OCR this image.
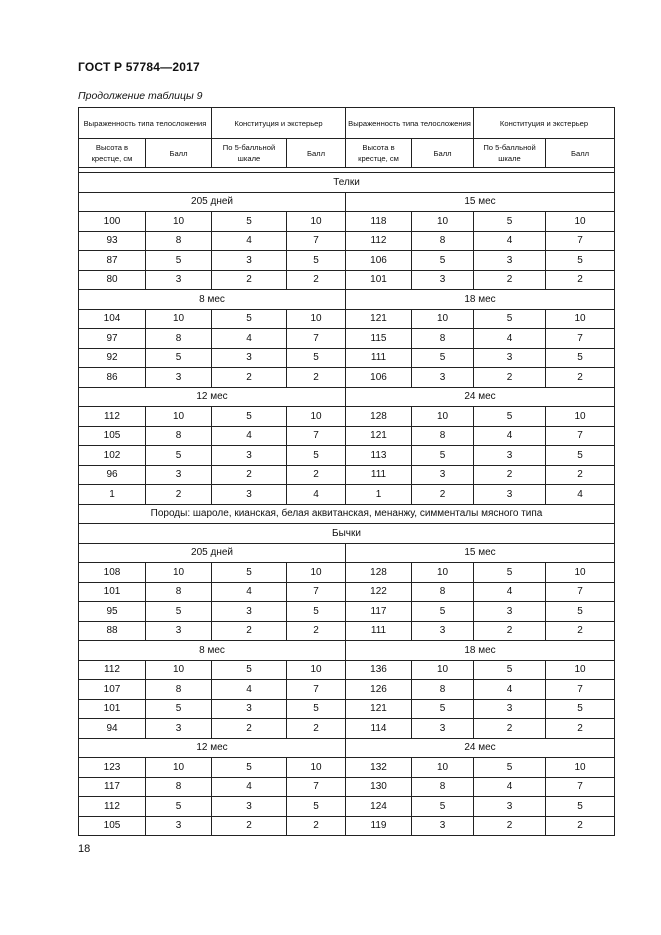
ГОСТ Р 57784—2017
Продолжение таблицы 9
Выраженность типа телосложения		Конституция и экстерьер		Выраженность типа телосложения		Конституция и экстерьер	
Высота в крестце, см	Балл	По 5-балльной шкале	Балл	Высота в крестце, см	Балл	По 5-балльной шкале	Балл

Телки							
205 дней				15 мес			
100	10	5	10	118	10	5	10
93	8	4	7	112	8	4	7
87	5	3	5	106	5	3	5
80	3	2	2	101	3	2	2
8 мес				18 мес			
104	10	5	10	121	10	5	10
97	8	4	7	115	8	4	7
92	5	3	5	111	5	3	5
86	3	2	2	106	3	2	2
12 мес				24 мес			
112	10	5	10	128	10	5	10
105	8	4	7	121	8	4	7
102	5	3	5	113	5	3	5
96	3	2	2	111	3	2	2
1	2	3	4	1	2	3	4
Породы: шароле, кианская, белая аквитанская, менанжу, симменталы мясного типа							
Бычки							
205 дней				15 мес			
108	10	5	10	128	10	5	10
101	8	4	7	122	8	4	7
95	5	3	5	117	5	3	5
88	3	2	2	111	3	2	2
8 мес				18 мес			
112	10	5	10	136	10	5	10
107	8	4	7	126	8	4	7
101	5	3	5	121	5	3	5
94	3	2	2	114	3	2	2
12 мес				24 мес			
123	10	5	10	132	10	5	10
117	8	4	7	130	8	4	7
112	5	3	5	124	5	3	5
105	3	2	2	119	3	2	2
18
